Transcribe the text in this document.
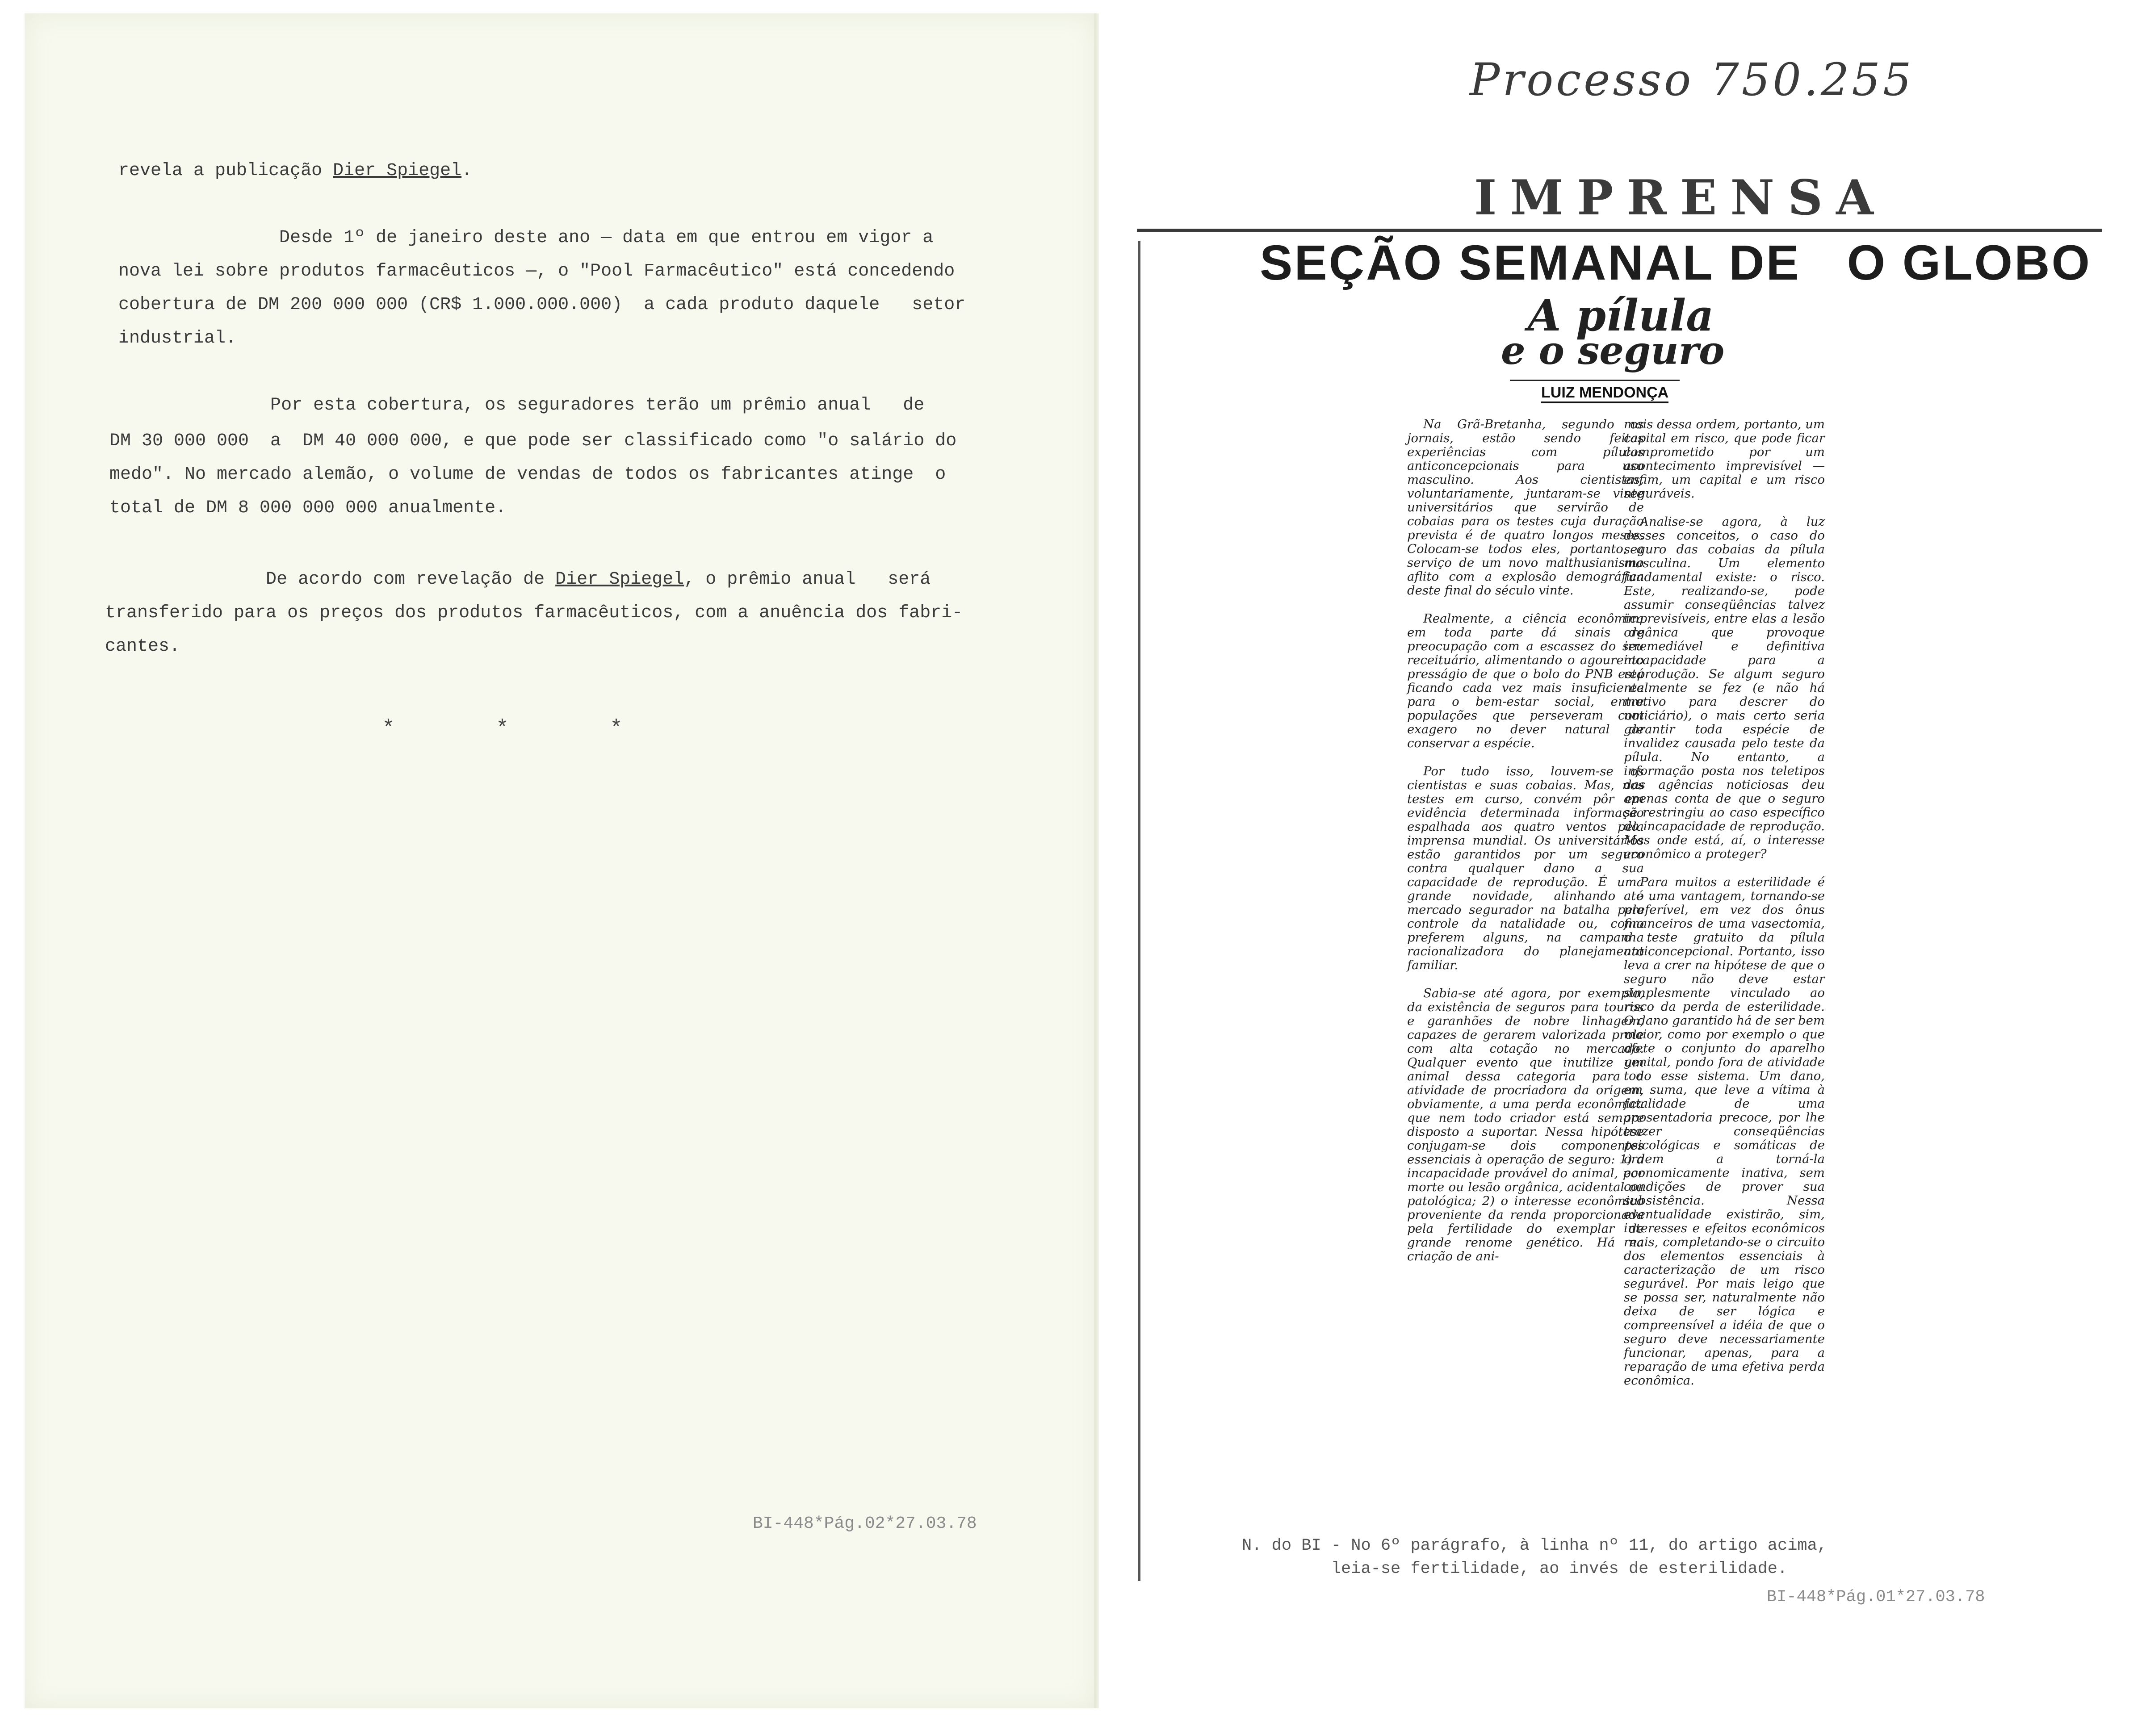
revela a publicação Dier Spiegel.
Desde 1º de janeiro deste ano — data em que entrou em vigor a
nova lei sobre produtos farmacêuticos —, o "Pool Farmacêutico" está concedendo
cobertura de DM 200 000 000 (CR$ 1.000.000.000)  a cada produto daquele   setor
industrial.
Por esta cobertura, os seguradores terão um prêmio anual   de
DM 30 000 000  a  DM 40 000 000, e que pode ser classificado como "o salário do
medo". No mercado alemão, o volume de vendas de todos os fabricantes atinge  o
total de DM 8 000 000 000 anualmente.
De acordo com revelação de Dier Spiegel, o prêmio anual   será
transferido para os preços dos produtos farmacêuticos, com a anuência dos fabri-
cantes.
*	*	*
BI-448*Pág.02*27.03.78
Processo 750.255
IMPRENSA
SEÇÃO SEMANAL DE   O GLOBO
A pílula
e o seguro
LUIZ MENDONÇA

Na Grã-Bretanha, segundo os jornais, estão sendo feitas experiências com pílulas anticoncepcionais para uso masculino. Aos cientistas, voluntariamente, juntaram-se vinte universitários que servirão de cobaias para os testes cuja duração prevista é de quatro longos meses. Colocam-se todos eles, portanto, a serviço de um novo malthusianismo aflito com a explosão demográfica deste final do século vinte.

Realmente, a ciência econômica em toda parte dá sinais de preocupação com a escassez do seu receituário, alimentando o agourento presságio de que o bolo do PNB está ficando cada vez mais insuficiente para o bem-estar social, entre populações que perseveram com exagero no dever natural de conservar a espécie.

Por tudo isso, louvem-se os cientistas e suas cobaias. Mas, nos testes em curso, convém pôr em evidência determinada informação espalhada aos quatro ventos pela imprensa mundial. Os universitários estão garantidos por um seguro contra qualquer dano a sua capacidade de reprodução. É uma grande novidade, alinhando o mercado segurador na batalha pelo controle da natalidade ou, como preferem alguns, na campanha racionalizadora do planejamento familiar.

Sabia-se até agora, por exemplo, da existência de seguros para touros e garanhões de nobre linhagem, capazes de gerarem valorizada prole com alta cotação no mercado. Qualquer evento que inutilize um animal dessa categoria para a atividade de procriadora da origem, obviamente, a uma perda econômica que nem todo criador está sempre disposto a suportar. Nessa hipótese conjugam-se dois componentes essenciais à operação de seguro: 1) a incapacidade provável do animal, por morte ou lesão orgânica, acidental ou patológica; 2) o interesse econômico proveniente da renda proporcionada pela fertilidade do exemplar de grande renome genético. Há na criação de ani-

mais dessa ordem, portanto, um capital em risco, que pode ficar comprometido por um acontecimento imprevisível — enfim, um capital e um risco seguráveis.

Analise-se agora, à luz desses conceitos, o caso do seguro das cobaias da pílula masculina. Um elemento fundamental existe: o risco. Este, realizando-se, pode assumir conseqüências talvez imprevisíveis, entre elas a lesão orgânica que provoque irremediável e definitiva incapacidade para a reprodução. Se algum seguro realmente se fez (e não há motivo para descrer do noticiário), o mais certo seria garantir toda espécie de invalidez causada pelo teste da pílula. No entanto, a informação posta nos teletipos das agências noticiosas deu apenas conta de que o seguro se restringiu ao caso específico da incapacidade de reprodução. Mas onde está, aí, o interesse econômico a proteger?

Para muitos a esterilidade é até uma vantagem, tornando-se preferível, em vez dos ônus financeiros de uma vasectomia, o teste gratuito da pílula anticoncepcional. Portanto, isso leva a crer na hipótese de que o seguro não deve estar simplesmente vinculado ao risco da perda de esterilidade. O dano garantido há de ser bem maior, como por exemplo o que afete o conjunto do aparelho genital, pondo fora de atividade todo esse sistema. Um dano, em suma, que leve a vítima à fatalidade de uma aposentadoria precoce, por lhe trazer conseqüências psicológicas e somáticas de ordem a torná-la economicamente inativa, sem condições de prover sua subsistência. Nessa eventualidade existirão, sim, interesses e efeitos econômicos reais, completando-se o circuito dos elementos essenciais à caracterização de um risco segurável. Por mais leigo que se possa ser, naturalmente não deixa de ser lógica e compreensível a idéia de que o seguro deve necessariamente funcionar, apenas, para a reparação de uma efetiva perda econômica.

N. do BI - No 6º parágrafo, à linha nº 11, do artigo acima,
leia-se fertilidade, ao invés de esterilidade.
BI-448*Pág.01*27.03.78
